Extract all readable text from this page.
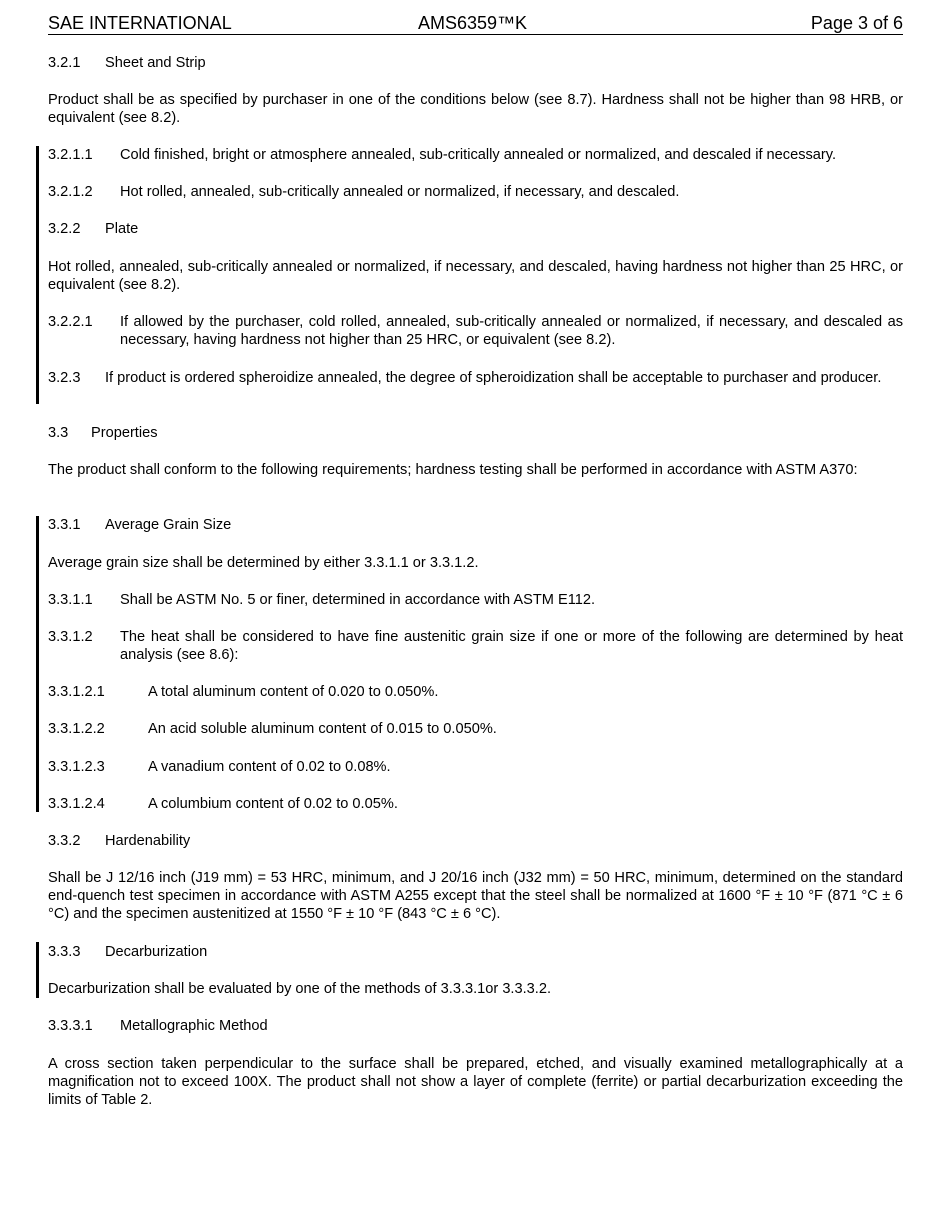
SAE INTERNATIONAL	AMS6359™K	Page 3 of 6
3.2.1 Sheet and Strip
Product shall be as specified by purchaser in one of the conditions below (see 8.7). Hardness shall not be higher than 98 HRB, or equivalent (see 8.2).
3.2.1.1 Cold finished, bright or atmosphere annealed, sub-critically annealed or normalized, and descaled if necessary.
3.2.1.2 Hot rolled, annealed, sub-critically annealed or normalized, if necessary, and descaled.
3.2.2 Plate
Hot rolled, annealed, sub-critically annealed or normalized, if necessary, and descaled, having hardness not higher than 25 HRC, or equivalent (see 8.2).
3.2.2.1 If allowed by the purchaser, cold rolled, annealed, sub-critically annealed or normalized, if necessary, and descaled as necessary, having hardness not higher than 25 HRC, or equivalent (see 8.2).
3.2.3 If product is ordered spheroidize annealed, the degree of spheroidization shall be acceptable to purchaser and producer.
3.3 Properties
The product shall conform to the following requirements; hardness testing shall be performed in accordance with ASTM A370:
3.3.1 Average Grain Size
Average grain size shall be determined by either 3.3.1.1 or 3.3.1.2.
3.3.1.1 Shall be ASTM No. 5 or finer, determined in accordance with ASTM E112.
3.3.1.2 The heat shall be considered to have fine austenitic grain size if one or more of the following are determined by heat analysis (see 8.6):
3.3.1.2.1	A total aluminum content of 0.020 to 0.050%.
3.3.1.2.2	An acid soluble aluminum content of 0.015 to 0.050%.
3.3.1.2.3	A vanadium content of 0.02 to 0.08%.
3.3.1.2.4	A columbium content of 0.02 to 0.05%.
3.3.2 Hardenability
Shall be J 12/16 inch (J19 mm) = 53 HRC, minimum, and J 20/16 inch (J32 mm) = 50 HRC, minimum, determined on the standard end-quench test specimen in accordance with ASTM A255 except that the steel shall be normalized at 1600 °F ± 10 °F (871 °C ± 6 °C) and the specimen austenitized at 1550 °F ± 10 °F (843 °C ± 6 °C).
3.3.3 Decarburization
Decarburization shall be evaluated by one of the methods of 3.3.3.1or 3.3.3.2.
3.3.3.1 Metallographic Method
A cross section taken perpendicular to the surface shall be prepared, etched, and visually examined metallographically at a magnification not to exceed 100X. The product shall not show a layer of complete (ferrite) or partial decarburization exceeding the limits of Table 2.
